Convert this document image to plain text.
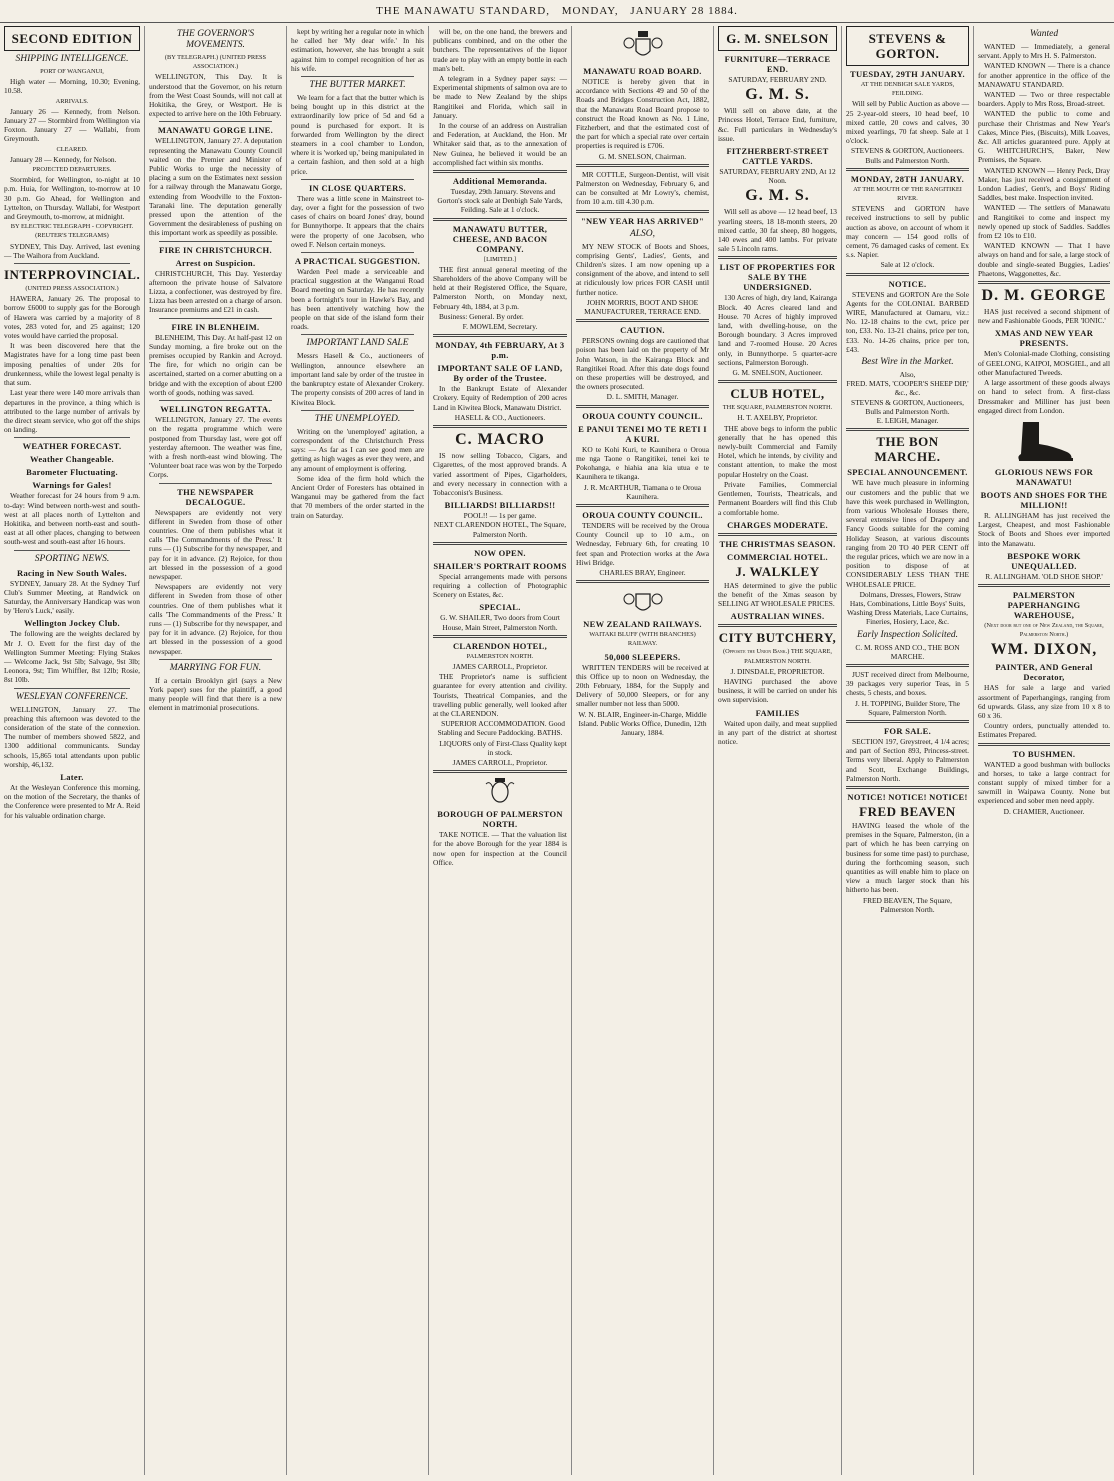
THE MANAWATU STANDARD, MONDAY, JANUARY 28 1884.
SECOND EDITION
SHIPPING INTELLIGENCE.
PORT OF WANGANUI,

High water — Morning, 10.30; Evening, 10.58.

ARRIVALS.

January 26 — Kennedy, from Nelson. January 27 — Stormbird from Wellington via Foxton. January 27 — Wallabi, from Greymouth.

CLEARED.

January 28 — Kennedy, for Nelson.

PROJECTED DEPARTURES.

Stormbird, for Wellington, to-night at 10 p.m. Huia, for Wellington, to-morrow at 10 30 p.m. Go Ahead, for Wellington and Lyttelton, on Thursday. Wallabi, for Westport and Greymouth, to-morrow, at midnight.

BY ELECTRIC TELEGRAPH - COPYRIGHT. (REUTER'S TELEGRAMS)

SYDNEY, This Day. Arrived, last evening — The Waihora from Auckland.

INTERPROVINCIAL.
(UNITED PRESS ASSOCIATION.)

HAWERA, January 26. The proposal to borrow £6000 to supply gas for the Borough of Hawera was carried by a majority of 8 votes, 283 voted for, and 25 against; 120 votes would have carried the proposal.

It was been discovered here that the Magistrates have for a long time past been imposing penalties of under 20s for drunkenness, while the lowest legal penalty is that sum.

Last year there were 140 more arrivals than departures in the province, a thing which is attributed to the large number of arrivals by the direct steam service, who got off the ships on landing.

WEATHER FORECAST.
Weather Changeable.
Barometer Fluctuating.
Warnings for Gales!

Weather forecast for 24 hours from 9 a.m. to-day: Wind between north-west and south-west at all places north of Lyttelton and Hokitika, and between north-east and south-east at all other places, changing to between south-west and south-east after 16 hours.

SPORTING NEWS.
Racing in New South Wales.

SYDNEY, January 28. At the Sydney Turf Club's Summer Meeting, at Randwick on Saturday, the Anniversary Handicap was won by 'Hero's Luck,' easily.

Wellington Jockey Club.

The following are the weights declared by Mr J. O. Evett for the first day of the Wellington Summer Meeting: Flying Stakes — Welcome Jack, 9st 5lb; Salvage, 9st 3lb; Leonora, 9st; Tim Whiffler, 8st 12lb; Rosie, 8st 10lb.

WESLEYAN CONFERENCE.

WELLINGTON, January 27. The preaching this afternoon was devoted to the consideration of the state of the connexion. The number of members showed 5822, and 1300 additional communicants. Sunday schools, 15,865 total attendants upon public worship, 46,132.

Later.

At the Wesleyan Conference this morning, on the motion of the Secretary, the thanks of the Conference were presented to Mr A. Reid for his valuable ordination charge.

THE GOVERNOR'S MOVEMENTS.
(BY TELEGRAPH.) (UNITED PRESS ASSOCIATION.)

WELLINGTON, This Day. It is understood that the Governor, on his return from the West Coast Sounds, will not call at Hokitika, the Grey, or Westport. He is expected to arrive here on the 10th February.

MANAWATU GORGE LINE.

WELLINGTON, January 27. A deputation representing the Manawatu County Council waited on the Premier and Minister of Public Works to urge the necessity of placing a sum on the Estimates next session for a railway through the Manawatu Gorge, extending from Woodville to the Foxton-Taranaki line. The deputation generally pressed upon the attention of the Government the desirableness of pushing on this important work as speedily as possible.

FIRE IN CHRISTCHURCH.
Arrest on Suspicion.

CHRISTCHURCH, This Day. Yesterday afternoon the private house of Salvatore Lizza, a confectioner, was destroyed by fire. Lizza has been arrested on a charge of arson. Insurance premiums and £21 in cash.

FIRE IN BLENHEIM.

BLENHEIM, This Day. At half-past 12 on Sunday morning, a fire broke out on the premises occupied by Rankin and Acroyd. The fire, for which no origin can be ascertained, started on a corner abutting on a bridge and with the exception of about £200 worth of goods, nothing was saved.

WELLINGTON REGATTA.

WELLINGTON, January 27. The events on the regatta programme which were postponed from Thursday last, were got off yesterday afternoon. The weather was fine, with a fresh north-east wind blowing. The 'Volunteer boat race was won by the Torpedo Corps.

THE NEWSPAPER DECALOGUE.

Newspapers are evidently not very different in Sweden from those of other countries. One of them publishes what it calls 'The Commandments of the Press.' It runs — (1) Subscribe for thy newspaper, and pay for it in advance. (2) Rejoice, for thou art blessed in the possession of a good newspaper.

Newspapers are evidently not very different in Sweden from those of other countries. One of them publishes what it calls 'The Commandments of the Press.' It runs — (1) Subscribe for thy newspaper, and pay for it in advance. (2) Rejoice, for thou art blessed in the possession of a good newspaper.

MARRYING FOR FUN.

If a certain Brooklyn girl (says a New York paper) sues for the plaintiff, a good many people will find that there is a new element in matrimonial prosecutions.

kept by writing her a regular note in which he called her 'My dear wife.' In his estimation, however, she has brought a suit against him to compel recognition of her as his wife.

THE BUTTER MARKET.

We learn for a fact that the butter which is being bought up in this district at the extraordinarily low price of 5d and 6d a pound is purchased for export. It is forwarded from Wellington by the direct steamers in a cool chamber to London, where it is 'worked up,' being manipulated in a certain fashion, and then sold at a high price.

IN CLOSE QUARTERS.

There was a little scene in Mainstreet to-day, over a fight for the possession of two cases of chairs on board Jones' dray, bound for Bunnythorpe. It appears that the chairs were the property of one Jacobsen, who owed F. Nelson certain moneys.

A PRACTICAL SUGGESTION.

Warden Peel made a serviceable and practical suggestion at the Wanganui Road Board meeting on Saturday. He has recently been a fortnight's tour in Hawke's Bay, and has been attentively watching how the people on that side of the island form their roads.

IMPORTANT LAND SALE

Messrs Hasell & Co., auctioneers of Wellington, announce elsewhere an important land sale by order of the trustee in the bankruptcy estate of Alexander Crokery. The property consists of 200 acres of land in Kiwitea Block.

THE UNEMPLOYED.

Writing on the 'unemployed' agitation, a correspondent of the Christchurch Press says: — As far as I can see good men are getting as high wages as ever they were, and any amount of employment is offering.

Some idea of the firm hold which the Ancient Order of Foresters has obtained in Wanganui may be gathered from the fact that 70 members of the order started in the train on Saturday.

will be, on the one hand, the brewers and publicans combined, and on the other the butchers. The representatives of the liquor trade are to play with an empty bottle in each man's belt.

A telegram in a Sydney paper says: — Experimental shipments of salmon ova are to be made to New Zealand by the ships Rangitikei and Florida, which sail in January.

In the course of an address on Australian and Federation, at Auckland, the Hon. Mr Whitaker said that, as to the annexation of New Guinea, he believed it would be an accomplished fact within six months.

Additional Memoranda.

Tuesday, 29th January. Stevens and Gorton's stock sale at Denbigh Sale Yards, Feilding. Sale at 1 o'clock.

MANAWATU BUTTER, CHEESE, AND BACON COMPANY.
[LIMITED.]

THE first annual general meeting of the Shareholders of the above Company will be held at their Registered Office, the Square, Palmerston North, on Monday next, February 4th, 1884, at 3 p.m.

Business: General. By order.

F. MOWLEM, Secretary.
MONDAY, 4th FEBRUARY, At 3 p.m.
IMPORTANT SALE OF LAND, By order of the Trustee.

In the Bankrupt Estate of Alexander Crokery. Equity of Redemption of 200 acres Land in Kiwitea Block, Manawatu District.

HASELL & CO., Auctioneers.
C. MACRO

IS now selling Tobacco, Cigars, and Cigarettes, of the most approved brands. A varied assortment of Pipes, Cigarholders, and every necessary in connection with a Tobacconist's Business.

BILLIARDS! BILLIARDS!!
POOL!! — 1s per game.
NEXT CLARENDON HOTEL, The Square, Palmerston North.
NOW OPEN.
SHAILER'S PORTRAIT ROOMS

Special arrangements made with persons requiring a collection of Photographic Scenery on Estates, &c.

SPECIAL.
G. W. SHAILER, Two doors from Court House, Main Street, Palmerston North.
CLARENDON HOTEL,
PALMERSTON NORTH.
JAMES CARROLL, Proprietor.

THE Proprietor's name is sufficient guarantee for every attention and civility. Tourists, Theatrical Companies, and the travelling public generally, well looked after at the CLARENDON.

SUPERIOR ACCOMMODATION. Good Stabling and Secure Paddocking. BATHS.

LIQUORS only of First-Class Quality kept in stock.

JAMES CARROLL, Proprietor.
BOROUGH OF PALMERSTON NORTH.

TAKE NOTICE. — That the valuation list for the above Borough for the year 1884 is now open for inspection at the Council Office.

MANAWATU ROAD BOARD.

NOTICE is hereby given that in accordance with Sections 49 and 50 of the Roads and Bridges Construction Act, 1882, that the Manawatu Road Board propose to construct the Road known as No. 1 Line, Fitzherbert, and that the estimated cost of the part for which a special rate over certain properties is required is £706.

G. M. SNELSON, Chairman.

MR COTTLE, Surgeon-Dentist, will visit Palmerston on Wednesday, February 6, and can be consulted at Mr Lowry's, chemist, from 10 a.m. till 4.30 p.m.

"NEW YEAR HAS ARRIVED"
ALSO,

MY NEW STOCK of Boots and Shoes, comprising Gents', Ladies', Gents, and Children's sizes. I am now opening up a consignment of the above, and intend to sell at ridiculously low prices FOR CASH until further notice.

JOHN MORRIS, BOOT AND SHOE MANUFACTURER, TERRACE END.
CAUTION.

PERSONS owning dogs are cautioned that poison has been laid on the property of Mr John Watson, in the Kairanga Block and Rangitikei Road. After this date dogs found on these properties will be destroyed, and the owners prosecuted.

D. L. SMITH, Manager.
OROUA COUNTY COUNCIL.
E PANUI TENEI MO TE RETI I A KURI.

KO te Kohi Kuri, te Kaunihera o Oroua me nga Taone o Rangitikei, tenei kei te Pokohanga, e hiahia ana kia utua e te Kaunihera te tikanga.

J. R. McARTHUR, Tiamana o te Oroua Kaunihera.
OROUA COUNTY COUNCIL.

TENDERS will be received by the Oroua County Council up to 10 a.m., on Wednesday, February 6th, for creating 10 feet span and Protection works at the Awa Hiwi Bridge.

CHARLES BRAY, Engineer.
NEW ZEALAND RAILWAYS.
WAITAKI BLUFF (WITH BRANCHES) RAILWAY.
50,000 SLEEPERS.

WRITTEN TENDERS will be received at this Office up to noon on Wednesday, the 20th February, 1884, for the Supply and Delivery of 50,000 Sleepers, or for any smaller number not less than 5000.

W. N. BLAIR, Engineer-in-Charge, Middle Island. Public Works Office, Dunedin, 12th January, 1884.
G. M. SNELSON
FURNITURE—TERRACE END.
SATURDAY, FEBRUARY 2ND.
G. M. S.

Will sell on above date, at the Princess Hotel, Terrace End, furniture, &c. Full particulars in Wednesday's issue.

FITZHERBERT-STREET CATTLE YARDS.
SATURDAY, FEBRUARY 2ND, At 12 Noon.
G. M. S.

Will sell as above — 12 head beef, 13 yearling steers, 18 18-month steers, 20 mixed cattle, 30 fat sheep, 80 hoggets, 140 ewes and 400 lambs. For private sale 5 Lincoln rams.

LIST OF PROPERTIES FOR SALE BY THE UNDERSIGNED.

130 Acres of high, dry land, Kairanga Block. 40 Acres cleared land and House. 70 Acres of highly improved land, with dwelling-house, on the Borough boundary. 3 Acres improved land and 7-roomed House. 20 Acres only, in Bunnythorpe. 5 quarter-acre sections, Palmerston Borough.

G. M. SNELSON, Auctioneer.
CLUB HOTEL,
THE SQUARE, PALMERSTON NORTH.
H. T. AXELBY, Proprietor.

THE above begs to inform the public generally that he has opened this newly-built Commercial and Family Hotel, which he intends, by civility and constant attention, to make the most popular Hostelry on the Coast.

Private Families, Commercial Gentlemen, Tourists, Theatricals, and Permanent Boarders will find this Club a comfortable home.

CHARGES MODERATE.
THE CHRISTMAS SEASON.
COMMERCIAL HOTEL.
J. WALKLEY

HAS determined to give the public the benefit of the Xmas season by SELLING AT WHOLESALE PRICES.

AUSTRALIAN WINES.
CITY BUTCHERY,
(Opposite the Union Bank.) THE SQUARE, PALMERSTON NORTH.
J. DINSDALE, PROPRIETOR.

HAVING purchased the above business, it will be carried on under his own supervision.

FAMILIES

Waited upon daily, and meat supplied in any part of the district at shortest notice.

STEVENS & GORTON.
TUESDAY, 29TH JANUARY.
AT THE DENBIGH SALE YARDS, FEILDING.

Will sell by Public Auction as above — 25 2-year-old steers, 10 head beef, 10 mixed cattle, 20 cows and calves, 30 mixed yearlings, 70 fat sheep. Sale at 1 o'clock.

STEVENS & GORTON, Auctioneers. Bulls and Palmerston North.
MONDAY, 28TH JANUARY.
AT THE MOUTH OF THE RANGITIKEI RIVER.

STEVENS and GORTON have received instructions to sell by public auction as above, on account of whom it may concern — 154 good rolls of cement, 76 damaged casks of cement. Ex s.s. Napier.

Sale at 12 o'clock.
NOTICE.

STEVENS and GORTON Are the Sole Agents for the COLONIAL BARBED WIRE, Manufactured at Oamaru, viz.: No. 12-18 chains to the cwt, price per ton, £33. No. 13-21 chains, price per ton, £33. No. 14-26 chains, price per ton, £43.

Best Wire in the Market.
Also,
FRED. MATS, 'COOPER'S SHEEP DIP,' &c., &c.
STEVENS & GORTON, Auctioneers, Bulls and Palmerston North.
E. LEIGH, Manager.
THE BON MARCHE.
SPECIAL ANNOUNCEMENT.

WE have much pleasure in informing our customers and the public that we have this week purchased in Wellington, from various Wholesale Houses there, several extensive lines of Drapery and Fancy Goods suitable for the coming Holiday Season, at various discounts ranging from 20 TO 40 PER CENT off the regular prices, which we are now in a position to dispose of at CONSIDERABLY LESS THAN THE WHOLESALE PRICE.

Dolmans, Dresses, Flowers, Straw Hats, Combinations, Little Boys' Suits, Washing Dress Materials, Lace Curtains, Fineries, Hosiery, Lace, &c.

Early Inspection Solicited.
C. M. ROSS AND CO., THE BON MARCHE.

JUST received direct from Melbourne, 39 packages very superior Teas, in 5 chests, 5 chests, and boxes.

J. H. TOPPING, Builder Store, The Square, Palmerston North.
FOR SALE.

SECTION 197, Greystreet, 4 1/4 acres; and part of Section 893, Princess-street. Terms very liberal. Apply to Palmerston and Scott, Exchange Buildings, Palmerston North.

NOTICE! NOTICE! NOTICE!
FRED BEAVEN

HAVING leased the whole of the premises in the Square, Palmerston, (in a part of which he has been carrying on business for some time past) to purchase, during the forthcoming season, such quantities as will enable him to place on view a much larger stock than his hitherto has been.

FRED BEAVEN, The Square, Palmerston North.
Wanted

WANTED — Immediately, a general servant. Apply to Mrs H. S. Palmerston.

WANTED KNOWN — There is a chance for another apprentice in the office of the MANAWATU STANDARD.

WANTED — Two or three respectable boarders. Apply to Mrs Ross, Broad-street.

WANTED the public to come and purchase their Christmas and New Year's Cakes, Mince Pies, (Biscuits), Milk Loaves, &c. All articles guaranteed pure. Apply at G. WHITCHURCH'S, Baker, New Premises, the Square.

WANTED KNOWN — Henry Peck, Dray Maker, has just received a consignment of London Ladies', Gent's, and Boys' Riding Saddles, best make. Inspection invited.

WANTED — The settlers of Manawatu and Rangitikei to come and inspect my newly opened up stock of Saddles. Saddles from £2 10s to £10.

WANTED KNOWN — That I have always on hand and for sale, a large stock of double and single-seated Buggies, Ladies' Phaetons, Waggonettes, &c.

D. M. GEORGE

HAS just received a second shipment of new and Fashionable Goods, PER 'IONIC.'

XMAS AND NEW YEAR PRESENTS.

Men's Colonial-made Clothing, consisting of GEELONG, KAIPOI, MOSGIEL, and all other Manufactured Tweeds.

A large assortment of these goods always on hand to select from. A first-class Dressmaker and Milliner has just been engaged direct from London.

GLORIOUS NEWS FOR MANAWATU!
BOOTS AND SHOES FOR THE MILLION!!

R. ALLINGHAM has just received the Largest, Cheapest, and most Fashionable Stock of Boots and Shoes ever imported into the Manawatu.

BESPOKE WORK UNEQUALLED.
R. ALLINGHAM. 'OLD SHOE SHOP.'
PALMERSTON PAPERHANGING WAREHOUSE,
(Next door but one of New Zealand, the Square, Palmerston North.)
WM. DIXON,
PAINTER, AND General Decorator,

HAS for sale a large and varied assortment of Paperhangings, ranging from 6d upwards. Glass, any size from 10 x 8 to 60 x 36.

Country orders, punctually attended to. Estimates Prepared.

TO BUSHMEN.

WANTED a good bushman with bullocks and horses, to take a large contract for constant supply of mixed timber for a sawmill in Waipawa County. None but experienced and sober men need apply.

D. CHAMIER, Auctioneer.
